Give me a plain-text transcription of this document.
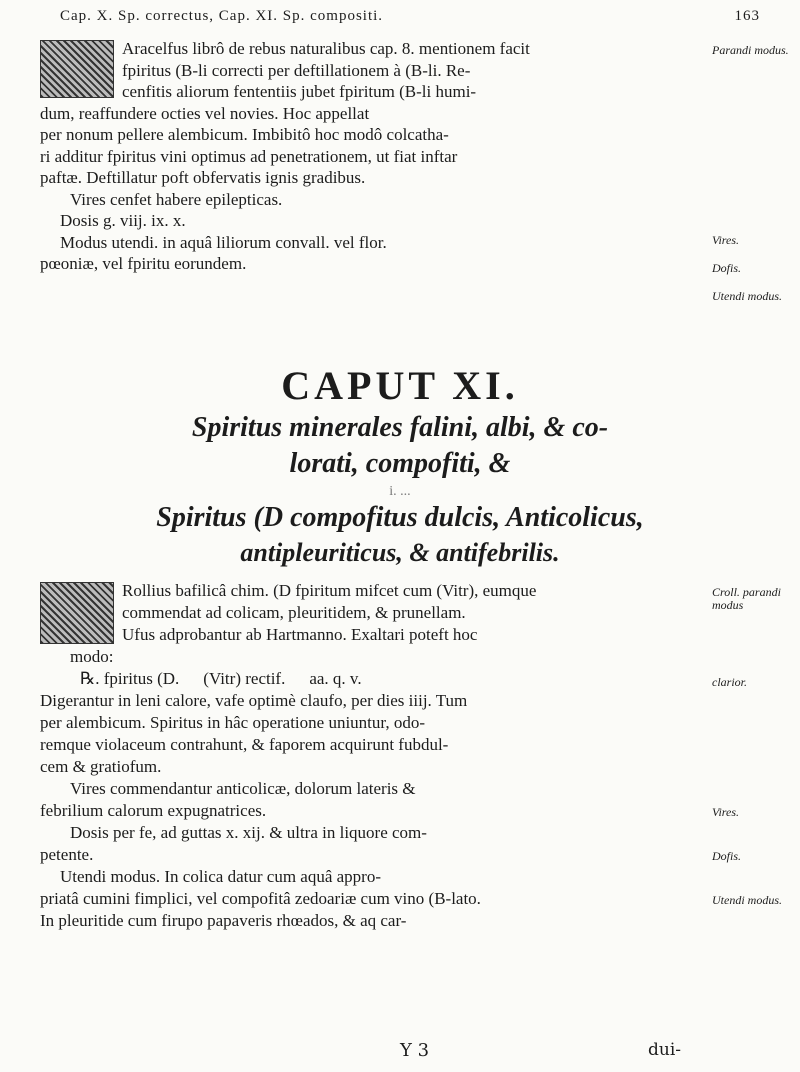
Cap. X. Sp. correctus, Cap. XI. Sp. compositi.	163

Aracelfus librô de rebus naturalibus cap. 8. mentionem facit

fpiritus (B-li correcti per deftillationem à (B-li. Re-

cenfitis aliorum fententiis jubet fpiritum (B-li humi-

dum, reaffundere octies vel novies. Hoc appellat

per nonum pellere alembicum. Imbibitô hoc modô colcatha-

ri additur fpiritus vini optimus ad penetrationem, ut fiat inftar

paftæ. Deftillatur poft obfervatis ignis gradibus.

Vires cenfet habere epilepticas.

Dosis g. viij. ix. x.

Modus utendi. in aquâ liliorum convall. vel flor.

pœoniæ, vel fpiritu eorundem.

Parandi modus.
Vires.
Dofis.
Utendi modus.
CAPUT XI.
Spiritus minerales falini, albi, & co-
lorati, compofiti, &
i. ...
Spiritus (D compofitus dulcis, Anticolicus,
antipleuriticus, & antifebrilis.

Rollius bafilicâ chim. (D fpiritum mifcet cum (Vitr), eumque

commendat ad colicam, pleuritidem, & prunellam.

Ufus adprobantur ab Hartmanno. Exaltari poteft hoc

modo:

℞. fpiritus (D. (Vitr) rectif. aa. q. v.

Digerantur in leni calore, vafe optimè claufo, per dies iiij. Tum

per alembicum. Spiritus in hâc operatione uniuntur, odo-

remque violaceum contrahunt, & faporem acquirunt fubdul-

cem & gratiofum.

Vires commendantur anticolicæ, dolorum lateris &

febrilium calorum expugnatrices.

Dosis per fe, ad guttas x. xij. & ultra in liquore com-

petente.

Utendi modus. In colica datur cum aquâ appro-

priatâ cumini fimplici, vel compofitâ zedoariæ cum vino (B-lato.

In pleuritide cum firupo papaveris rhœados, & aq car-

Croll. parandi modus
clarior.
Vires.
Dofis.
Utendi modus.
Y 3	dui-
